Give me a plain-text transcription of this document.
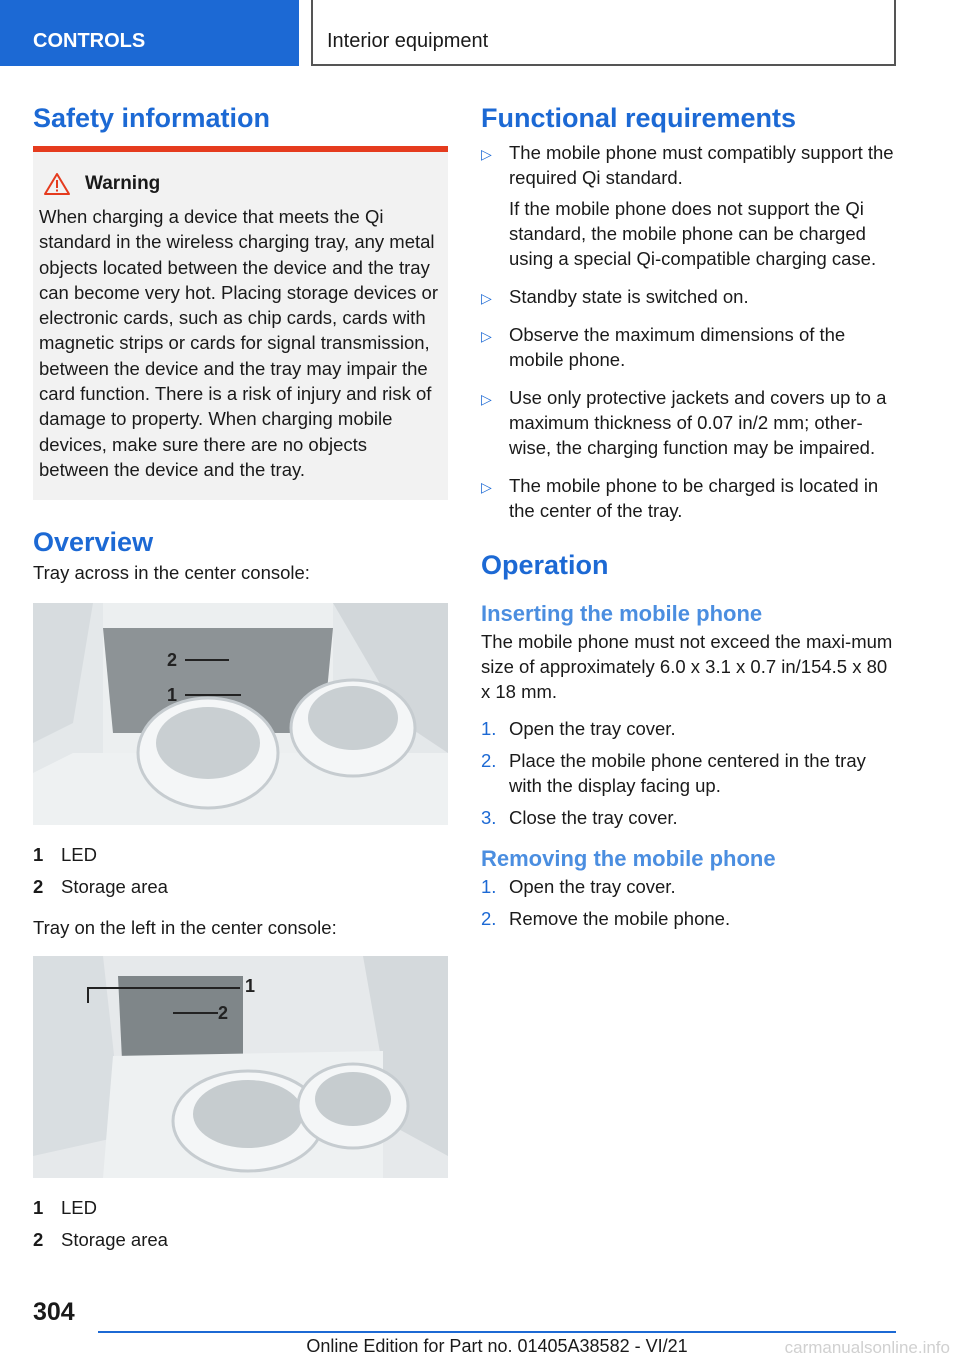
CONTROLS	Interior equipment
Safety information
Warning

When charging a device that meets the Qi standard in the wireless charging tray, any metal objects located between the device and the tray can become very hot. Placing storage devices or electronic cards, such as chip cards, cards with magnetic strips or cards for signal transmission, between the device and the tray may impair the card function. There is a risk of injury and risk of damage to property. When charging mobile devices, make sure there are no objects between the device and the tray.

Overview

Tray across in the center console:

2
1
1 LED
2 Storage area

Tray on the left in the center console:

1
2
1 LED
2 Storage area
Functional requirements
▷ The mobile phone must compatibly support the required Qi standard.

If the mobile phone does not support the Qi standard, the mobile phone can be charged using a special Qi-compatible charging case.

▷ Standby state is switched on.

▷ Observe the maximum dimensions of the mobile phone.

▷ Use only protective jackets and covers up to a maximum thickness of 0.07 in/2 mm; other-wise, the charging function may be impaired.

▷ The mobile phone to be charged is located in the center of the tray.

Operation
Inserting the mobile phone

The mobile phone must not exceed the maxi-mum size of approximately 6.0 x 3.1 x 0.7 in/154.5 x 80 x 18 mm.

1. Open the tray cover.
2. Place the mobile phone centered in the tray with the display facing up.
3. Close the tray cover.
Removing the mobile phone
1. Open the tray cover.
2. Remove the mobile phone.
304
Online Edition for Part no. 01405A38582 - VI/21	carmanualsonline.info
